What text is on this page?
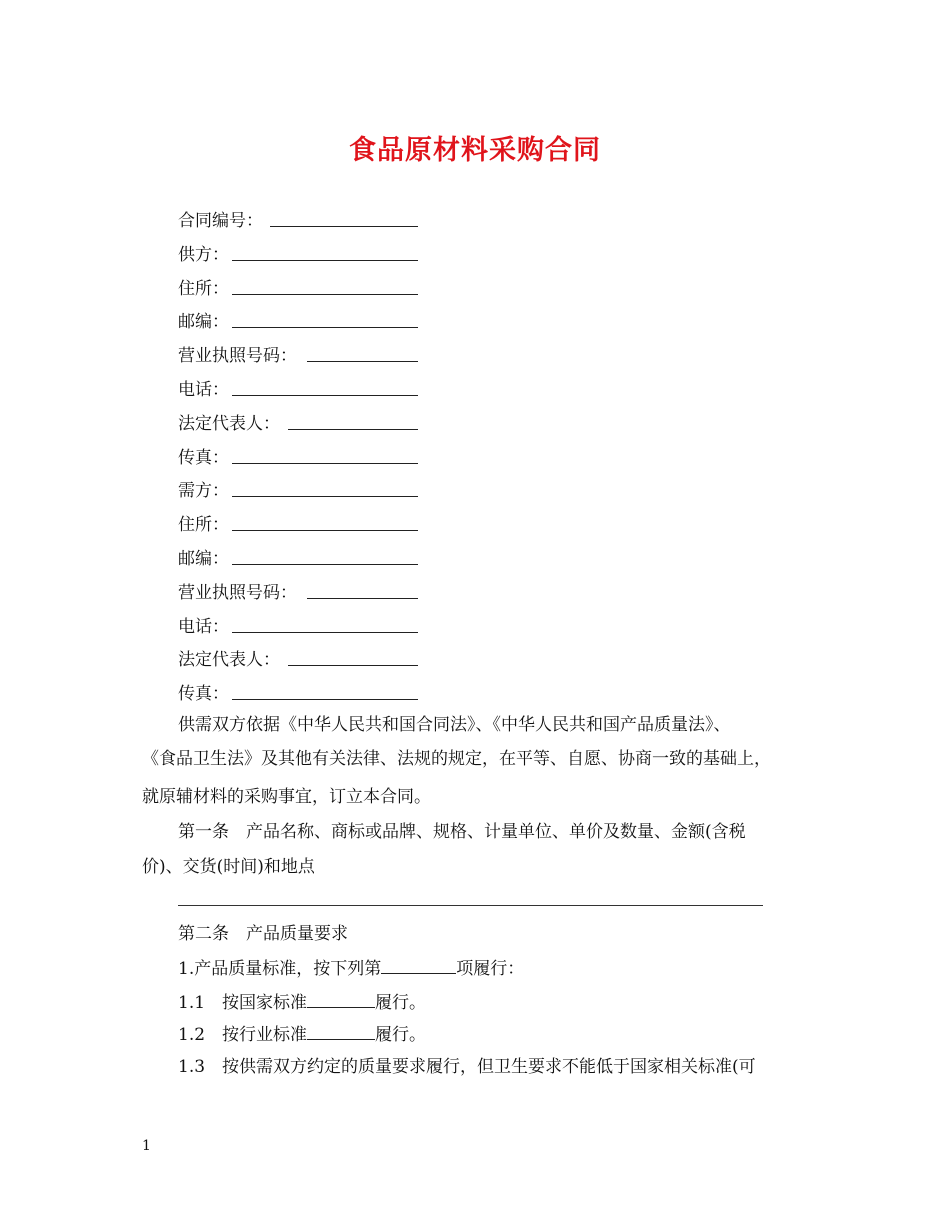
食品原材料采购合同
合同编号：
供方：
住所：
邮编：
营业执照号码：
电话：
法定代表人：
传真：
需方：
住所：
邮编：
营业执照号码：
电话：
法定代表人：
传真：
供需双方依据《中华人民共和国合同法》、《中华人民共和国产品质量法》、
《食品卫生法》及其他有关法律、法规的规定，在平等、自愿、协商一致的基础上，
就原辅材料的采购事宜，订立本合同。
第一条　产品名称、商标或品牌、规格、计量单位、单价及数量、金额(含税
价)、交货(时间)和地点
第二条　产品质量要求
1.产品质量标准，按下列第	项履行：
1.1　按国家标准	履行。
1.2　按行业标准	履行。
1.3　按供需双方约定的质量要求履行，但卫生要求不能低于国家相关标准(可
1
